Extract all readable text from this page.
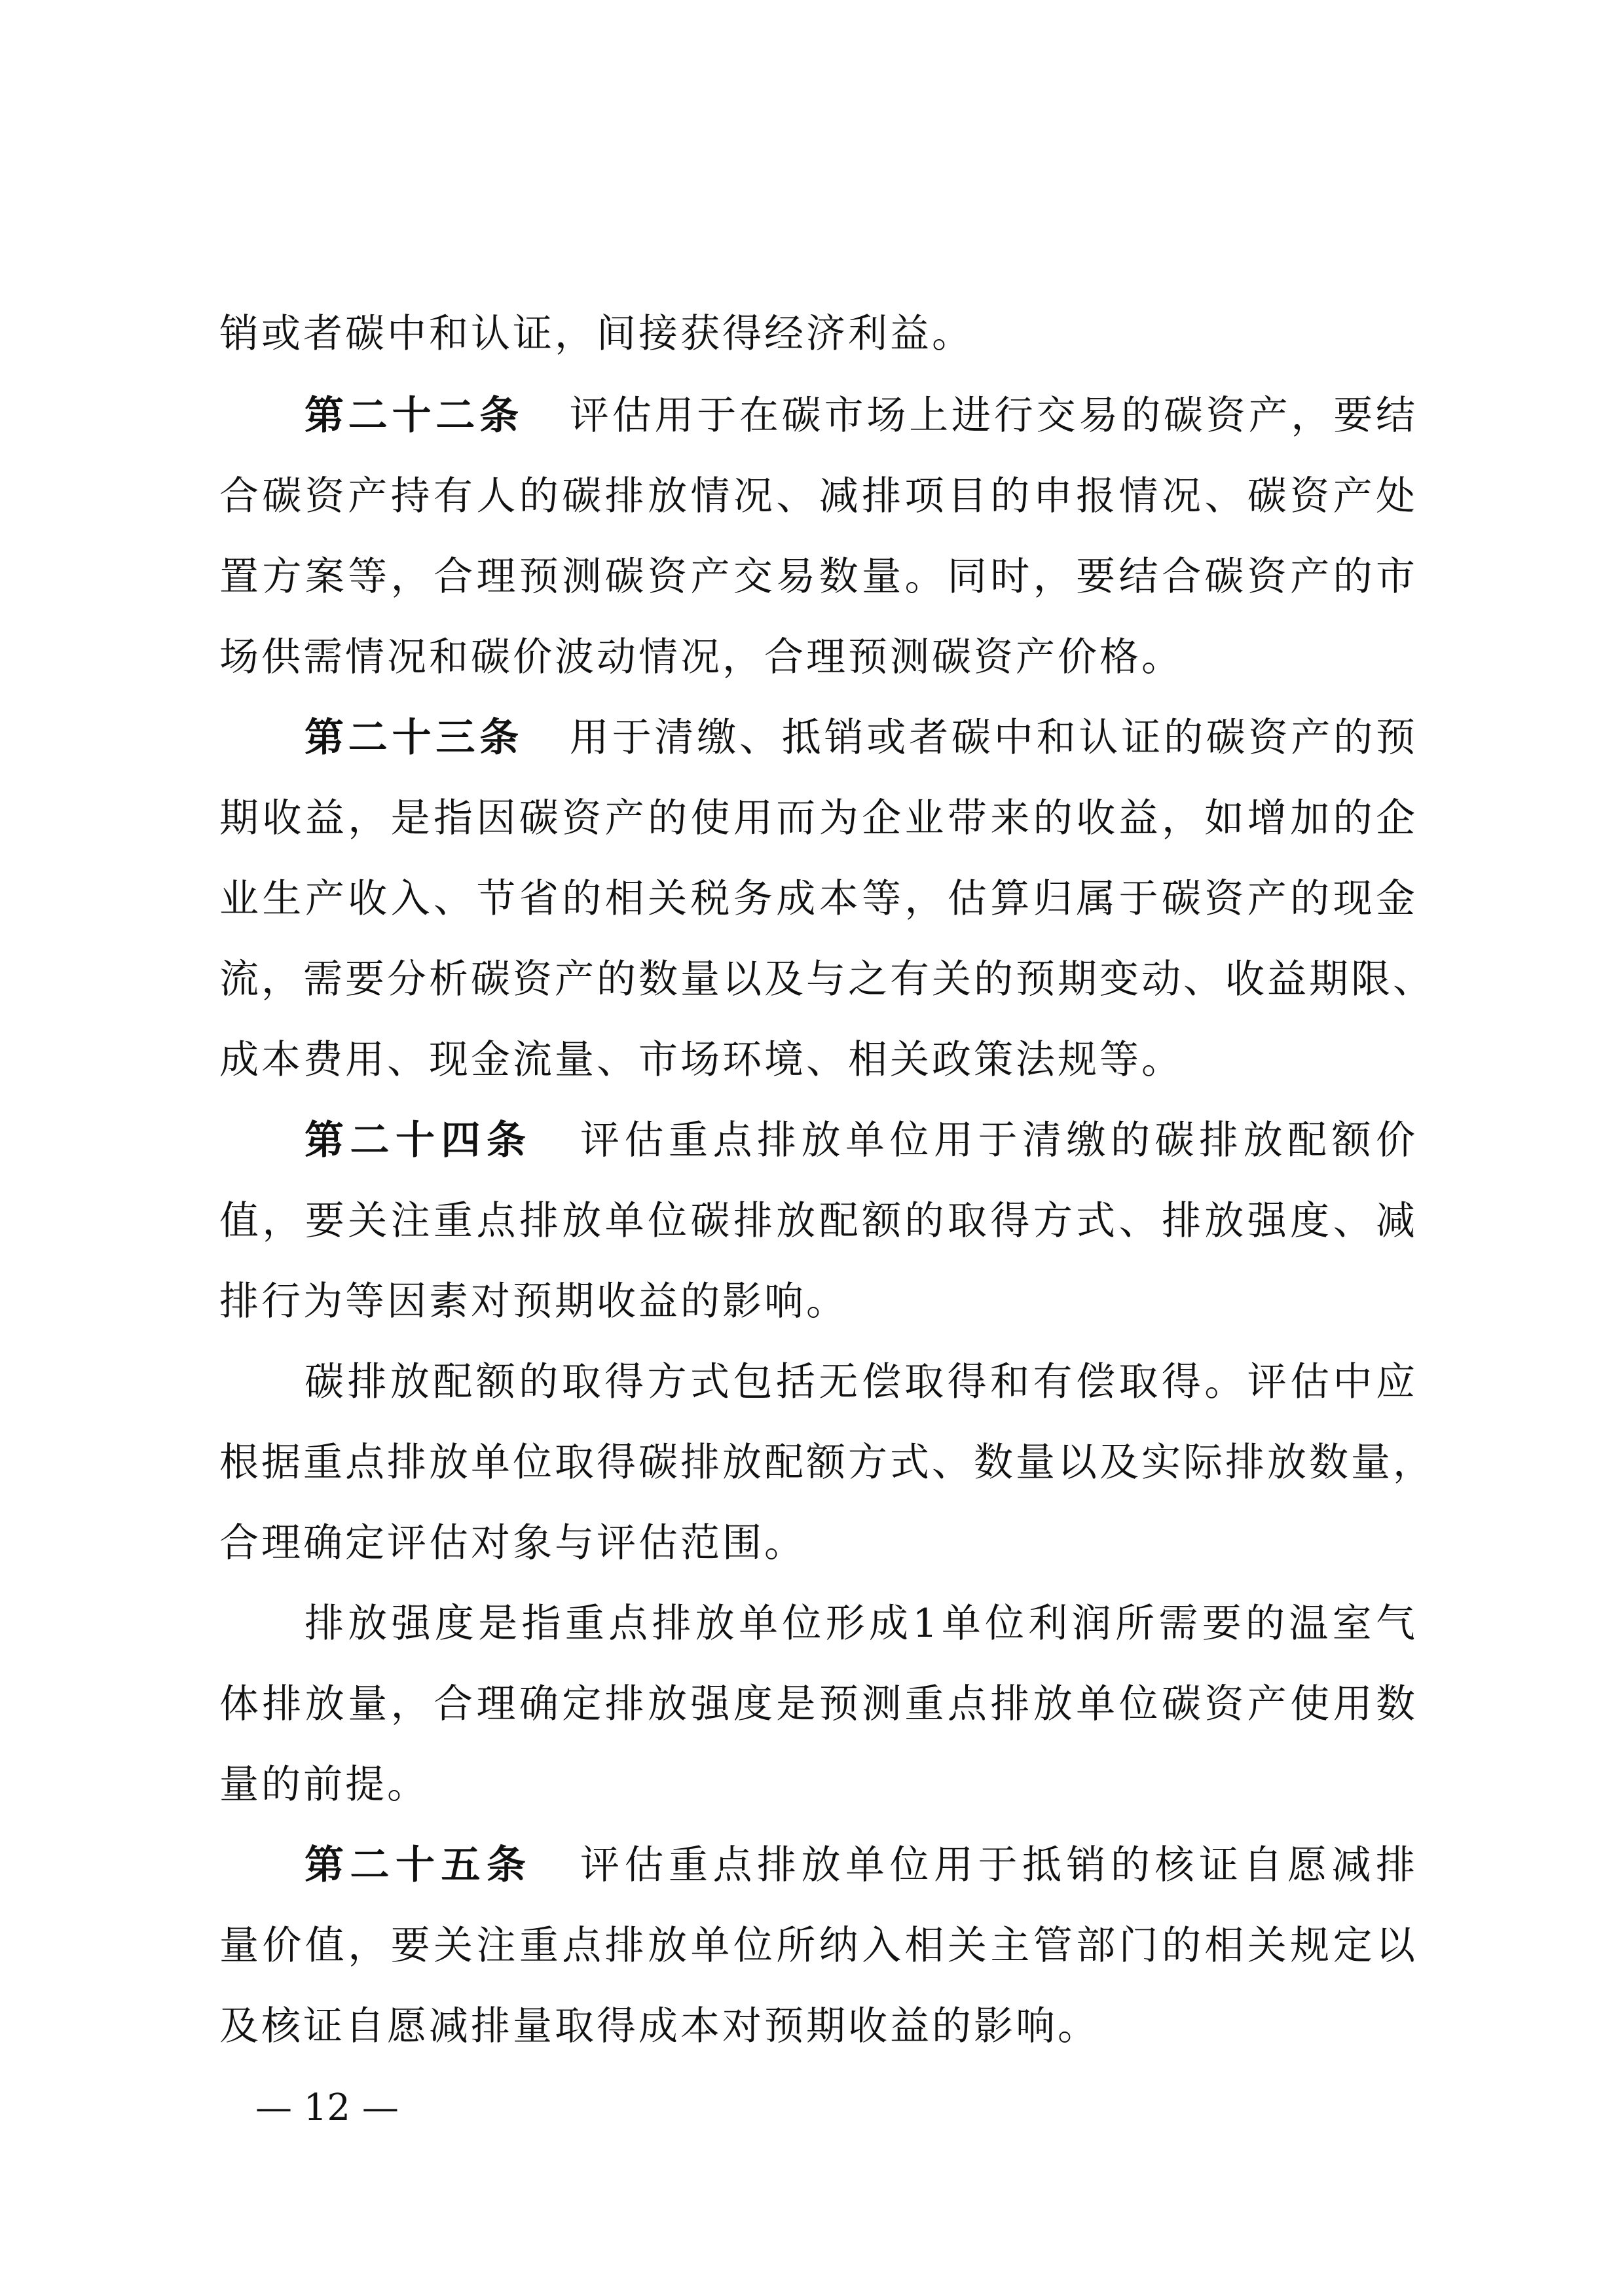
销或者碳中和认证，间接获得经济利益。
第二十二条 评估用于在碳市场上进行交易的碳资产，要结
合碳资产持有人的碳排放情况、减排项目的申报情况、碳资产处
置方案等，合理预测碳资产交易数量。同时，要结合碳资产的市
场供需情况和碳价波动情况，合理预测碳资产价格。
第二十三条 用于清缴、抵销或者碳中和认证的碳资产的预
期收益，是指因碳资产的使用而为企业带来的收益，如增加的企
业生产收入、节省的相关税务成本等，估算归属于碳资产的现金
流，需要分析碳资产的数量以及与之有关的预期变动、收益期限、
成本费用、现金流量、市场环境、相关政策法规等。
第二十四条 评估重点排放单位用于清缴的碳排放配额价
值，要关注重点排放单位碳排放配额的取得方式、排放强度、减
排行为等因素对预期收益的影响。
碳排放配额的取得方式包括无偿取得和有偿取得。评估中应
根据重点排放单位取得碳排放配额方式、数量以及实际排放数量，
合理确定评估对象与评估范围。
排放强度是指重点排放单位形成1单位利润所需要的温室气
体排放量，合理确定排放强度是预测重点排放单位碳资产使用数
量的前提。
第二十五条 评估重点排放单位用于抵销的核证自愿减排
量价值，要关注重点排放单位所纳入相关主管部门的相关规定以
及核证自愿减排量取得成本对预期收益的影响。
— 12 —
